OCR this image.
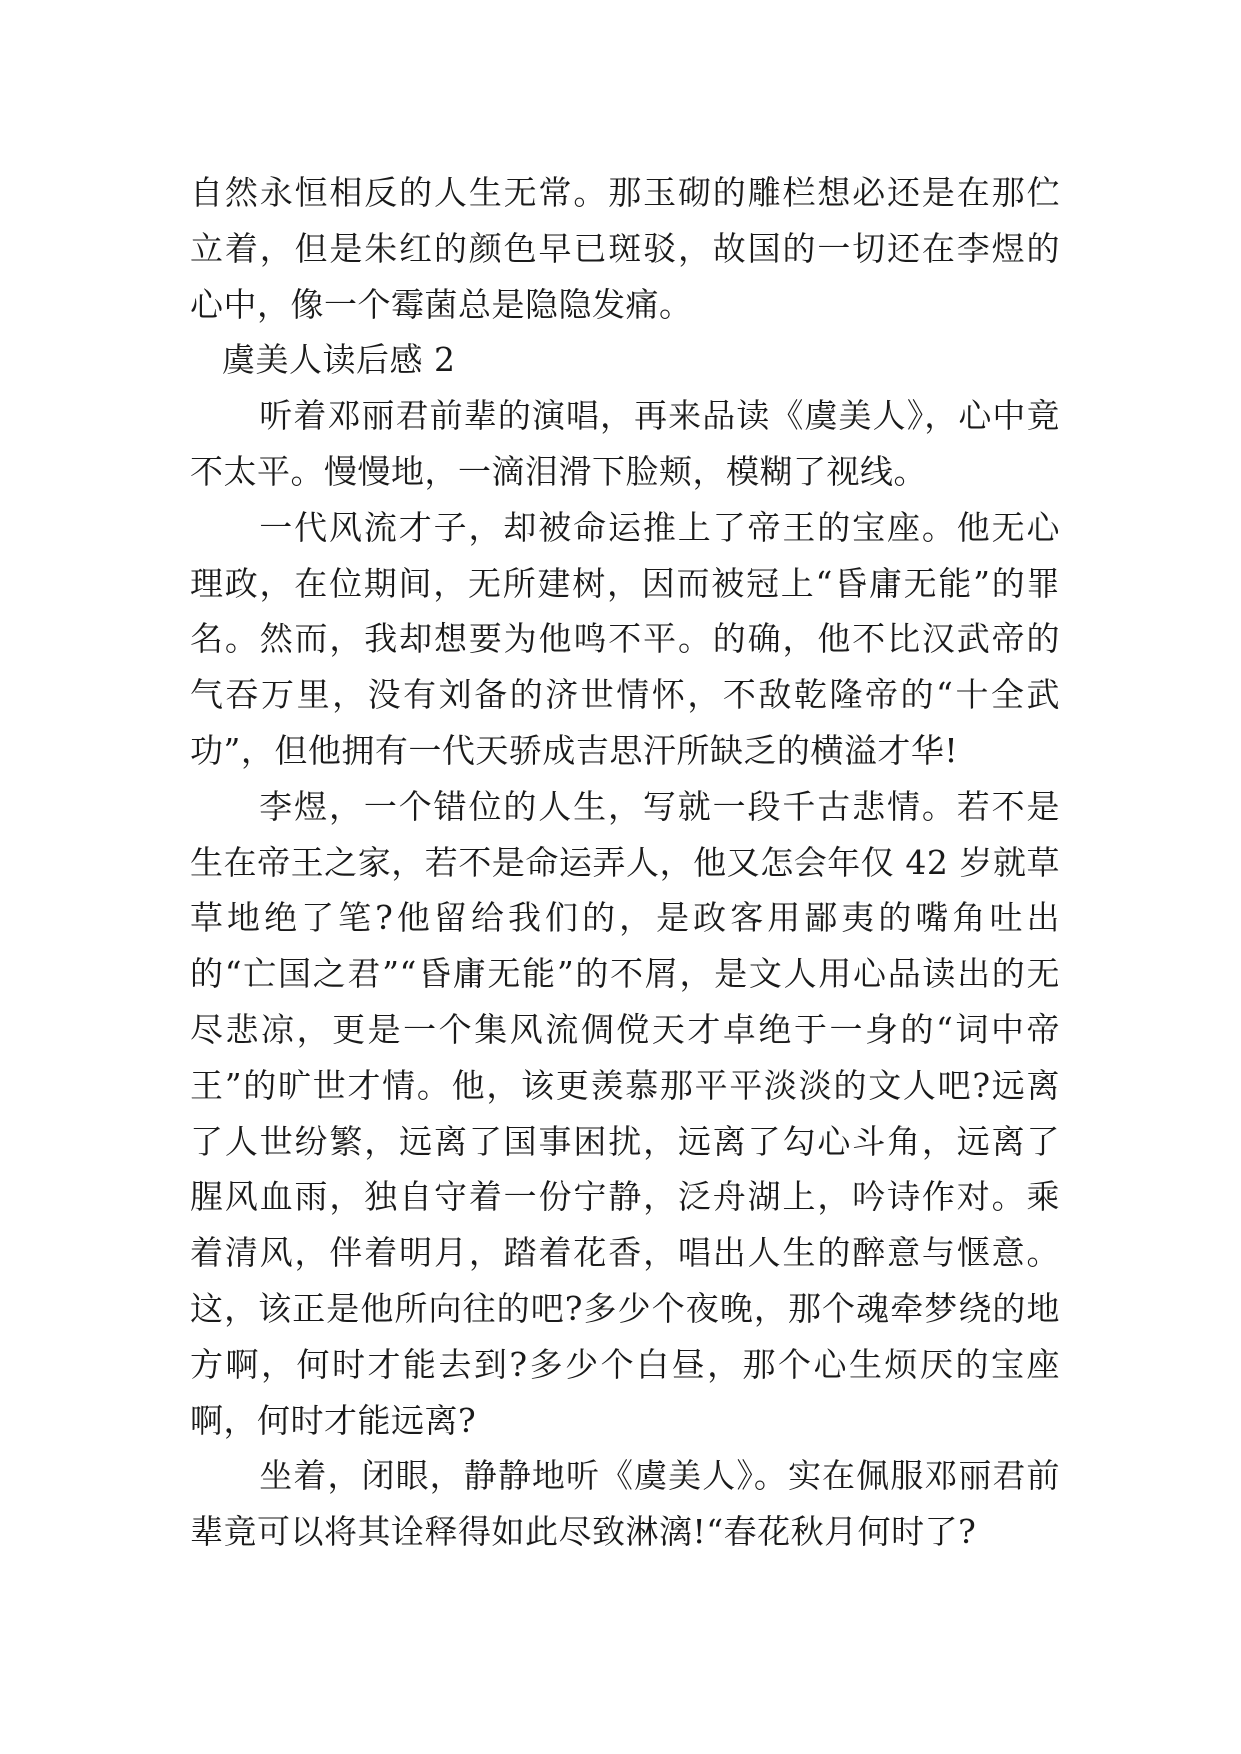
自然永恒相反的人生无常。那玉砌的雕栏想必还是在那伫立着，但是朱红的颜色早已斑驳，故国的一切还在李煜的心中，像一个霉菌总是隐隐发痛。

虞美人读后感 2

听着邓丽君前辈的演唱，再来品读《虞美人》，心中竟不太平。慢慢地，一滴泪滑下脸颊，模糊了视线。

一代风流才子，却被命运推上了帝王的宝座。他无心理政，在位期间，无所建树，因而被冠上“昏庸无能”的罪名。然而，我却想要为他鸣不平。的确，他不比汉武帝的气吞万里，没有刘备的济世情怀，不敌乾隆帝的“十全武功”，但他拥有一代天骄成吉思汗所缺乏的横溢才华!

李煜，一个错位的人生，写就一段千古悲情。若不是生在帝王之家，若不是命运弄人，他又怎会年仅 42 岁就草草地绝了笔?他留给我们的，是政客用鄙夷的嘴角吐出的“亡国之君”“昏庸无能”的不屑，是文人用心品读出的无尽悲凉，更是一个集风流倜傥天才卓绝于一身的“词中帝王”的旷世才情。他，该更羡慕那平平淡淡的文人吧?远离了人世纷繁，远离了国事困扰，远离了勾心斗角，远离了腥风血雨，独自守着一份宁静，泛舟湖上，吟诗作对。乘着清风，伴着明月，踏着花香，唱出人生的醉意与惬意。这，该正是他所向往的吧?多少个夜晚，那个魂牵梦绕的地方啊，何时才能去到?多少个白昼，那个心生烦厌的宝座啊，何时才能远离?

坐着，闭眼，静静地听《虞美人》。实在佩服邓丽君前辈竟可以将其诠释得如此尽致淋漓!“春花秋月何时了?
